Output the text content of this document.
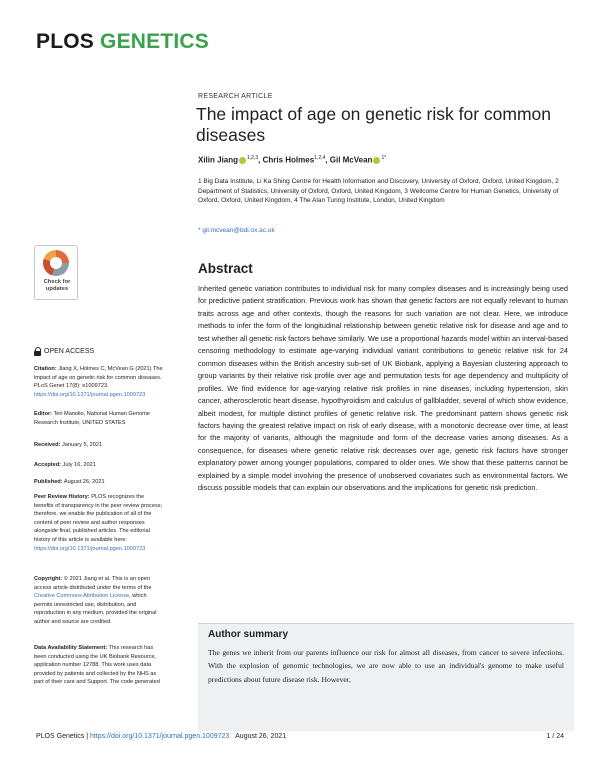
PLOS GENETICS
RESEARCH ARTICLE
The impact of age on genetic risk for common diseases
Xilin Jiang $^{1,2,3}$, Chris Holmes$^{1,2,4}$, Gil McVean $^{1*}$
1 Big Data Institute, Li Ka Shing Centre for Health Information and Discovery, University of Oxford, Oxford, United Kingdom, 2 Department of Statistics, University of Oxford, Oxford, United Kingdom, 3 Wellcome Centre for Human Genetics, University of Oxford, Oxford, United Kingdom, 4 The Alan Turing Institute, London, United Kingdom
* gil.mcvean@bdi.ox.ac.uk
Check for
updates
OPEN ACCESS
Citation: Jiang X, Holmes C, McVean G (2021) The impact of age on genetic risk for common diseases. PLoS Genet 17(8): e1009723. https://doi.org/10.1371/journal.pgen.1009723
Editor: Teri Manolio, National Human Genome Research Institute, UNITED STATES
Received: January 5, 2021
Accepted: July 16, 2021
Published: August 26, 2021
Peer Review History: PLOS recognizes the benefits of transparency in the peer review process; therefore, we enable the publication of all of the content of peer review and author responses alongside final, published articles. The editorial history of this article is available here: https://doi.org/10.1371/journal.pgen.1009723
Copyright: © 2021 Jiang et al. This is an open access article distributed under the terms of the Creative Commons Attribution License, which permits unrestricted use, distribution, and reproduction in any medium, provided the original author and source are credited.
Data Availability Statement: This research has been conducted using the UK Biobank Resource, application number 12788. This work uses data provided by patients and collected by the NHS as part of their care and Support. The code generated
Abstract

Inherited genetic variation contributes to individual risk for many complex diseases and is increasingly being used for predictive patient stratification. Previous work has shown that genetic factors are not equally relevant to human traits across age and other contexts, though the reasons for such variation are not clear. Here, we introduce methods to infer the form of the longitudinal relationship between genetic relative risk for disease and age and to test whether all genetic risk factors behave similarly. We use a proportional hazards model within an interval-based censoring methodology to estimate age-varying individual variant contributions to genetic relative risk for 24 common diseases within the British ancestry sub-set of UK Biobank, applying a Bayesian clustering approach to group variants by their relative risk profile over age and permutation tests for age dependency and multiplicity of profiles. We find evidence for age-varying relative risk profiles in nine diseases, including hypertension, skin cancer, atherosclerotic heart disease, hypothyroidism and calculus of gallbladder, several of which show evidence, albeit modest, for multiple distinct profiles of genetic relative risk. The predominant pattern shows genetic risk factors having the greatest relative impact on risk of early disease, with a monotonic decrease over time, at least for the majority of variants, although the magnitude and form of the decrease varies among diseases. As a consequence, for diseases where genetic relative risk decreases over age, genetic risk factors have stronger explanatory power among younger populations, compared to older ones. We show that these patterns cannot be explained by a simple model involving the presence of unobserved covariates such as environmental factors. We discuss possible models that can explain our observations and the implications for genetic risk prediction.

Author summary

The genes we inherit from our parents influence our risk for almost all diseases, from cancer to severe infections. With the explosion of genomic technologies, we are now able to use an individual's genome to make useful predictions about future disease risk. However,

PLOS Genetics | https://doi.org/10.1371/journal.pgen.1009723 August 26, 2021	1 / 24
